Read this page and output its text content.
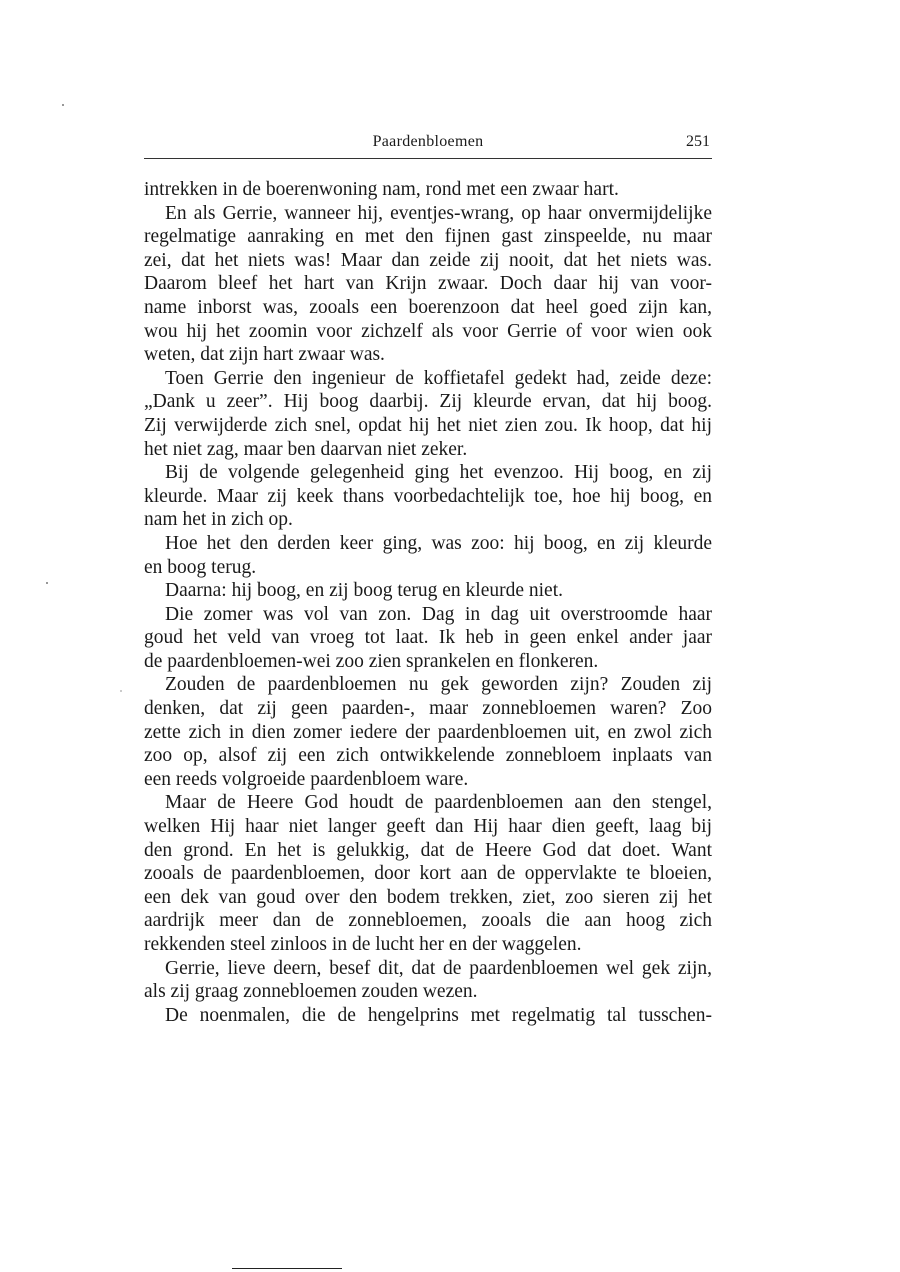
Paardenbloemen	251
intrekken in de boerenwoning nam, rond met een zwaar hart.
En als Gerrie, wanneer hij, eventjes-wrang, op haar onvermijdelijke
regelmatige aanraking en met den fijnen gast zinspeelde, nu maar
zei, dat het niets was! Maar dan zeide zij nooit, dat het niets was.
Daarom bleef het hart van Krijn zwaar. Doch daar hij van voor-
name inborst was, zooals een boerenzoon dat heel goed zijn kan,
wou hij het zoomin voor zichzelf als voor Gerrie of voor wien ook
weten, dat zijn hart zwaar was.
Toen Gerrie den ingenieur de koffietafel gedekt had, zeide deze:
„Dank u zeer”. Hij boog daarbij. Zij kleurde ervan, dat hij boog.
Zij verwijderde zich snel, opdat hij het niet zien zou. Ik hoop, dat hij
het niet zag, maar ben daarvan niet zeker.
Bij de volgende gelegenheid ging het evenzoo. Hij boog, en zij
kleurde. Maar zij keek thans voorbedachtelijk toe, hoe hij boog, en
nam het in zich op.
Hoe het den derden keer ging, was zoo: hij boog, en zij kleurde
en boog terug.
Daarna: hij boog, en zij boog terug en kleurde niet.
Die zomer was vol van zon. Dag in dag uit overstroomde haar
goud het veld van vroeg tot laat. Ik heb in geen enkel ander jaar
de paardenbloemen-wei zoo zien sprankelen en flonkeren.
Zouden de paardenbloemen nu gek geworden zijn? Zouden zij
denken, dat zij geen paarden-, maar zonnebloemen waren? Zoo
zette zich in dien zomer iedere der paardenbloemen uit, en zwol zich
zoo op, alsof zij een zich ontwikkelende zonnebloem inplaats van
een reeds volgroeide paardenbloem ware.
Maar de Heere God houdt de paardenbloemen aan den stengel,
welken Hij haar niet langer geeft dan Hij haar dien geeft, laag bij
den grond. En het is gelukkig, dat de Heere God dat doet. Want
zooals de paardenbloemen, door kort aan de oppervlakte te bloeien,
een dek van goud over den bodem trekken, ziet, zoo sieren zij het
aardrijk meer dan de zonnebloemen, zooals die aan hoog zich
rekkenden steel zinloos in de lucht her en der waggelen.
Gerrie, lieve deern, besef dit, dat de paardenbloemen wel gek zijn,
als zij graag zonnebloemen zouden wezen.
De noenmalen, die de hengelprins met regelmatig tal tusschen-
